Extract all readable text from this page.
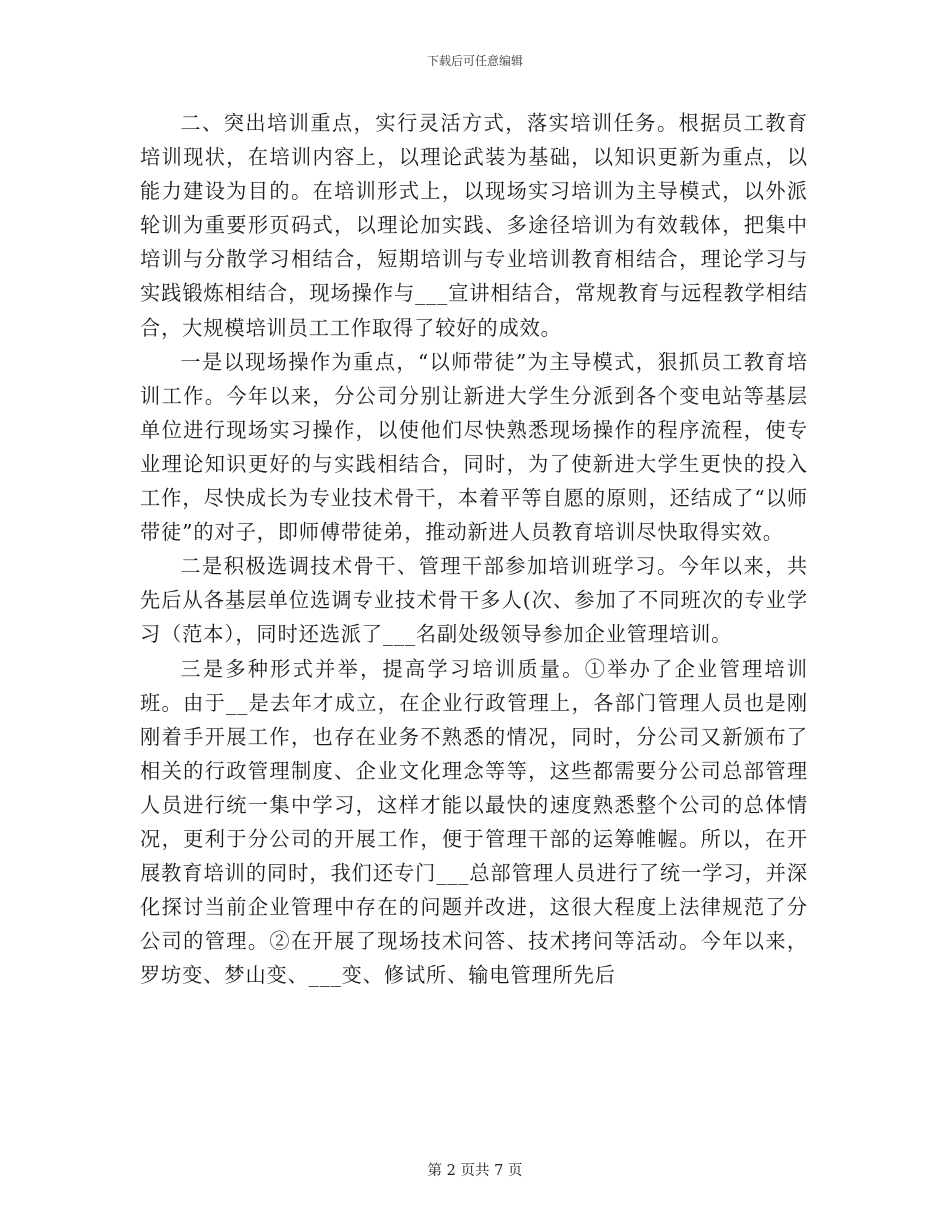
下载后可任意编辑

二、突出培训重点，实行灵活方式，落实培训任务。根据员工教育培训现状，在培训内容上，以理论武装为基础，以知识更新为重点，以能力建设为目的。在培训形式上，以现场实习培训为主导模式，以外派轮训为重要形页码式，以理论加实践、多途径培训为有效载体，把集中培训与分散学习相结合，短期培训与专业培训教育相结合，理论学习与实践锻炼相结合，现场操作与___宣讲相结合，常规教育与远程教学相结合，大规模培训员工工作取得了较好的成效。

一是以现场操作为重点，“以师带徒”为主导模式，狠抓员工教育培训工作。今年以来，分公司分别让新进大学生分派到各个变电站等基层单位进行现场实习操作，以使他们尽快熟悉现场操作的程序流程，使专业理论知识更好的与实践相结合，同时，为了使新进大学生更快的投入工作，尽快成长为专业技术骨干，本着平等自愿的原则，还结成了“以师带徒”的对子，即师傅带徒弟，推动新进人员教育培训尽快取得实效。

二是积极选调技术骨干、管理干部参加培训班学习。今年以来，共先后从各基层单位选调专业技术骨干多人(次、参加了不同班次的专业学习（范本），同时还选派了___名副处级领导参加企业管理培训。

三是多种形式并举，提高学习培训质量。①举办了企业管理培训班。由于__是去年才成立，在企业行政管理上，各部门管理人员也是刚刚着手开展工作，也存在业务不熟悉的情况，同时，分公司又新颁布了相关的行政管理制度、企业文化理念等等，这些都需要分公司总部管理人员进行统一集中学习，这样才能以最快的速度熟悉整个公司的总体情况，更利于分公司的开展工作，便于管理干部的运筹帷幄。所以，在开展教育培训的同时，我们还专门___总部管理人员进行了统一学习，并深化探讨当前企业管理中存在的问题并改进，这很大程度上法律规范了分公司的管理。②在开展了现场技术问答、技术拷问等活动。今年以来，罗坊变、梦山变、___变、修试所、输电管理所先后

第 2 页共 7 页
